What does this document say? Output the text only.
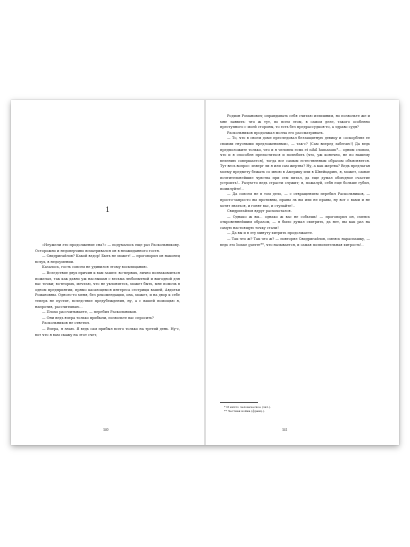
1

«Неужели это продолжение сна?» — подумалось еще раз Раскольникову. Осторожно и недоверчиво всматривался он в неожиданного гостя.

— Свидригайлов? Какой вздор! Быть не может! — проговорил он наконец вслух, в недоумении.

Казалось, гость совсем не удивился этому восклицанию.

— Вследствие двух причин к вам зашел: во-первых, лично познакомиться пожелал, так как давно уж наслышан с весьма любопытной и выгодной для вас точки; во-вторых, мечтаю, что не уклонитесь, может быть, мне помочь в одном предприятии, прямо касающемся интереса сестрицы вашей, Авдотьи Романовны. Одного-то меня, без рекомендации, она, может, и на двор к себе теперь не пустит, вследствие предубеждения, ну, а с вашей помощью я, напротив, рассчитываю...

— Плохо рассчитываете, — перебил Раскольников.

— Они ведь вчера только прибыли, позвольте вас спросить?

Раскольников не ответил.

— Вчера, я знаю. Я ведь сам прибыл всего только на третий день. Ну-с, вот что я вам скажу на этот счет,

340

Родион Романович; оправдывать себя считаю излишним, но позвольте же и мне заявить: что ж тут, во всем этом, в самом деле, такого особенно преступного с моей стороны, то есть без предрассудков-то, а здраво судя?

Раскольников продолжал молча его рассматривать.

— То, что в своем доме преследовал беззащитную девицу и «оскорблял ее своими гнусными предложениями», — так-с? (Сам вперед забегаю!) Да ведь предположите только, что и я человек есмь et nihil humanum*... одним словом, что и я способен прельститься и полюбить (что, уж конечно, не по нашему велению совершается), тогда все самым естественным образом объясняется. Тут весь вопрос: изверг ли я или сам жертва? Ну, а как жертва? Ведь предлагая моему предмету бежать со мною в Америку или в Швейцарию, я, может, самые почтительнейшие чувства при сем питал, да еще думал обоюдное счастие устроить!.. Разум-то ведь страсти служит; я, пожалуй, себя еще больше губил, помилуйте!..

— Да совсем не в том дело, — с отвращением перебил Раскольников, — просто-запросто вы противны, правы ль вы или не правы, ну вот с вами и не хотят знаться, и гонят вас, и ступайте!..

Свидригайлов вдруг расхохотался.

— Однако ж вы... однако ж вас не собьешь! — проговорил он, смеясь откровеннейшим образом, — я было думал схитрить, да нет, вы как раз на самую настоящую точку стали!

— Да вы и в эту минуту хитрить продолжаете.

— Так что ж? Так что ж? — повторял Свидригайлов, смеясь нараспашку, — ведь это bonne guerre**, что называется, и самая позволительная хитрость!..

* И ничто человеческое (лат.).
** Честная война (франц.).
341
